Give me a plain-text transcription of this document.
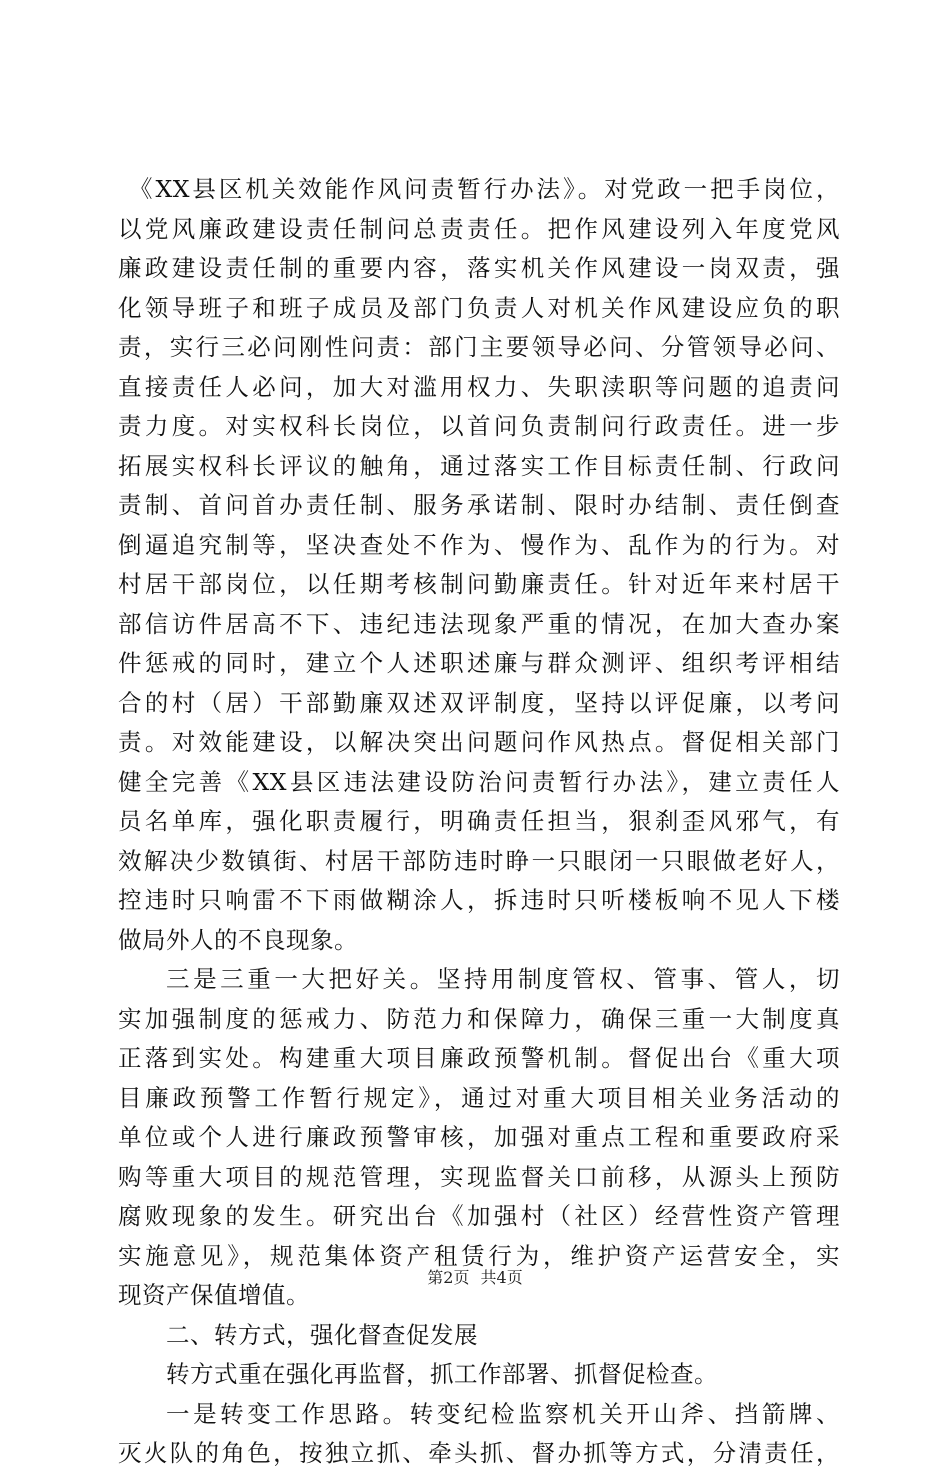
《XX县区机关效能作风问责暂行办法》。对党政一把手岗位，
以党风廉政建设责任制问总责责任。把作风建设列入年度党风
廉政建设责任制的重要内容，落实机关作风建设一岗双责，强
化领导班子和班子成员及部门负责人对机关作风建设应负的职
责，实行三必问刚性问责：部门主要领导必问、分管领导必问、
直接责任人必问，加大对滥用权力、失职渎职等问题的追责问
责力度。对实权科长岗位，以首问负责制问行政责任。进一步
拓展实权科长评议的触角，通过落实工作目标责任制、行政问
责制、首问首办责任制、服务承诺制、限时办结制、责任倒查
倒逼追究制等，坚决查处不作为、慢作为、乱作为的行为。对
村居干部岗位，以任期考核制问勤廉责任。针对近年来村居干
部信访件居高不下、违纪违法现象严重的情况，在加大查办案
件惩戒的同时，建立个人述职述廉与群众测评、组织考评相结
合的村（居）干部勤廉双述双评制度，坚持以评促廉，以考问
责。对效能建设，以解决突出问题问作风热点。督促相关部门
健全完善《XX县区违法建设防治问责暂行办法》，建立责任人
员名单库，强化职责履行，明确责任担当，狠刹歪风邪气，有
效解决少数镇街、村居干部防违时睁一只眼闭一只眼做老好人，
控违时只响雷不下雨做糊涂人，拆违时只听楼板响不见人下楼
做局外人的不良现象。
三是三重一大把好关。坚持用制度管权、管事、管人，切
实加强制度的惩戒力、防范力和保障力，确保三重一大制度真
正落到实处。构建重大项目廉政预警机制。督促出台《重大项
目廉政预警工作暂行规定》，通过对重大项目相关业务活动的
单位或个人进行廉政预警审核，加强对重点工程和重要政府采
购等重大项目的规范管理，实现监督关口前移，从源头上预防
腐败现象的发生。研究出台《加强村（社区）经营性资产管理
实施意见》，规范集体资产租赁行为，维护资产运营安全，实
现资产保值增值。
二、转方式，强化督查促发展
转方式重在强化再监督，抓工作部署、抓督促检查。
一是转变工作思路。转变纪检监察机关开山斧、挡箭牌、
灭火队的角色，按独立抓、牵头抓、督办抓等方式，分清责任，
第2页 共4页
